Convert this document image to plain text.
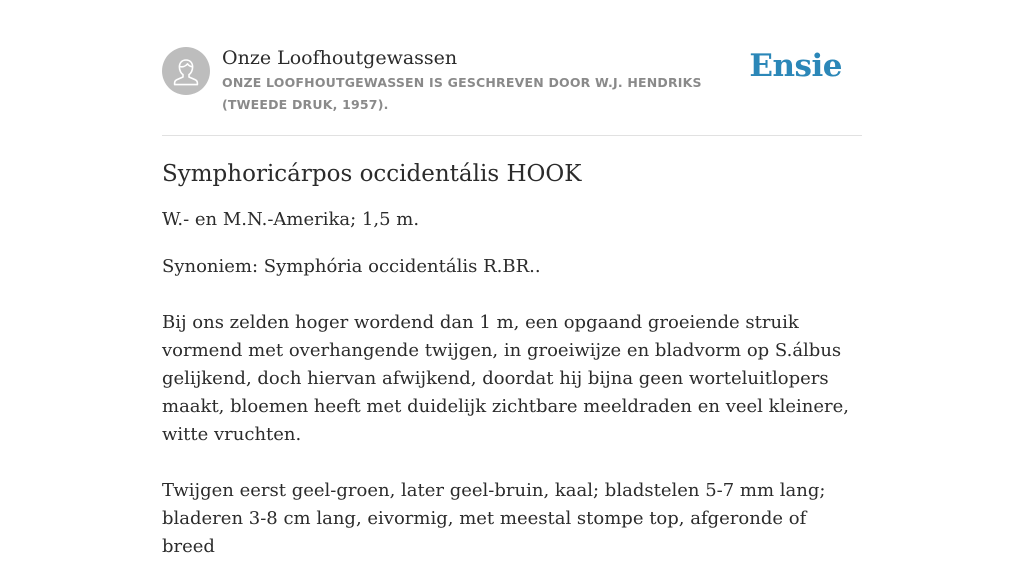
Onze Loofhoutgewassen

ONZE LOOFHOUTGEWASSEN IS GESCHREVEN DOOR W.J. HENDRIKS (TWEEDE DRUK, 1957).

Ensie
Symphoricárpos occidentális HOOK

W.- en M.N.-Amerika; 1,5 m.

Synoniem: Symphória occidentális R.BR..

Bij ons zelden hoger wordend dan 1 m, een opgaand groeiende struik vormend met overhangende twijgen, in groeiwijze en bladvorm op S.álbus gelijkend, doch hiervan afwijkend, doordat hij bijna geen worteluitlopers maakt, bloemen heeft met duidelijk zichtbare meeldraden en veel kleinere, witte vruchten.

Twijgen eerst geel-groen, later geel-bruin, kaal; bladstelen 5-7 mm lang; bladeren 3-8 cm lang, eivormig, met meestal stompe top, afgeronde of breed
